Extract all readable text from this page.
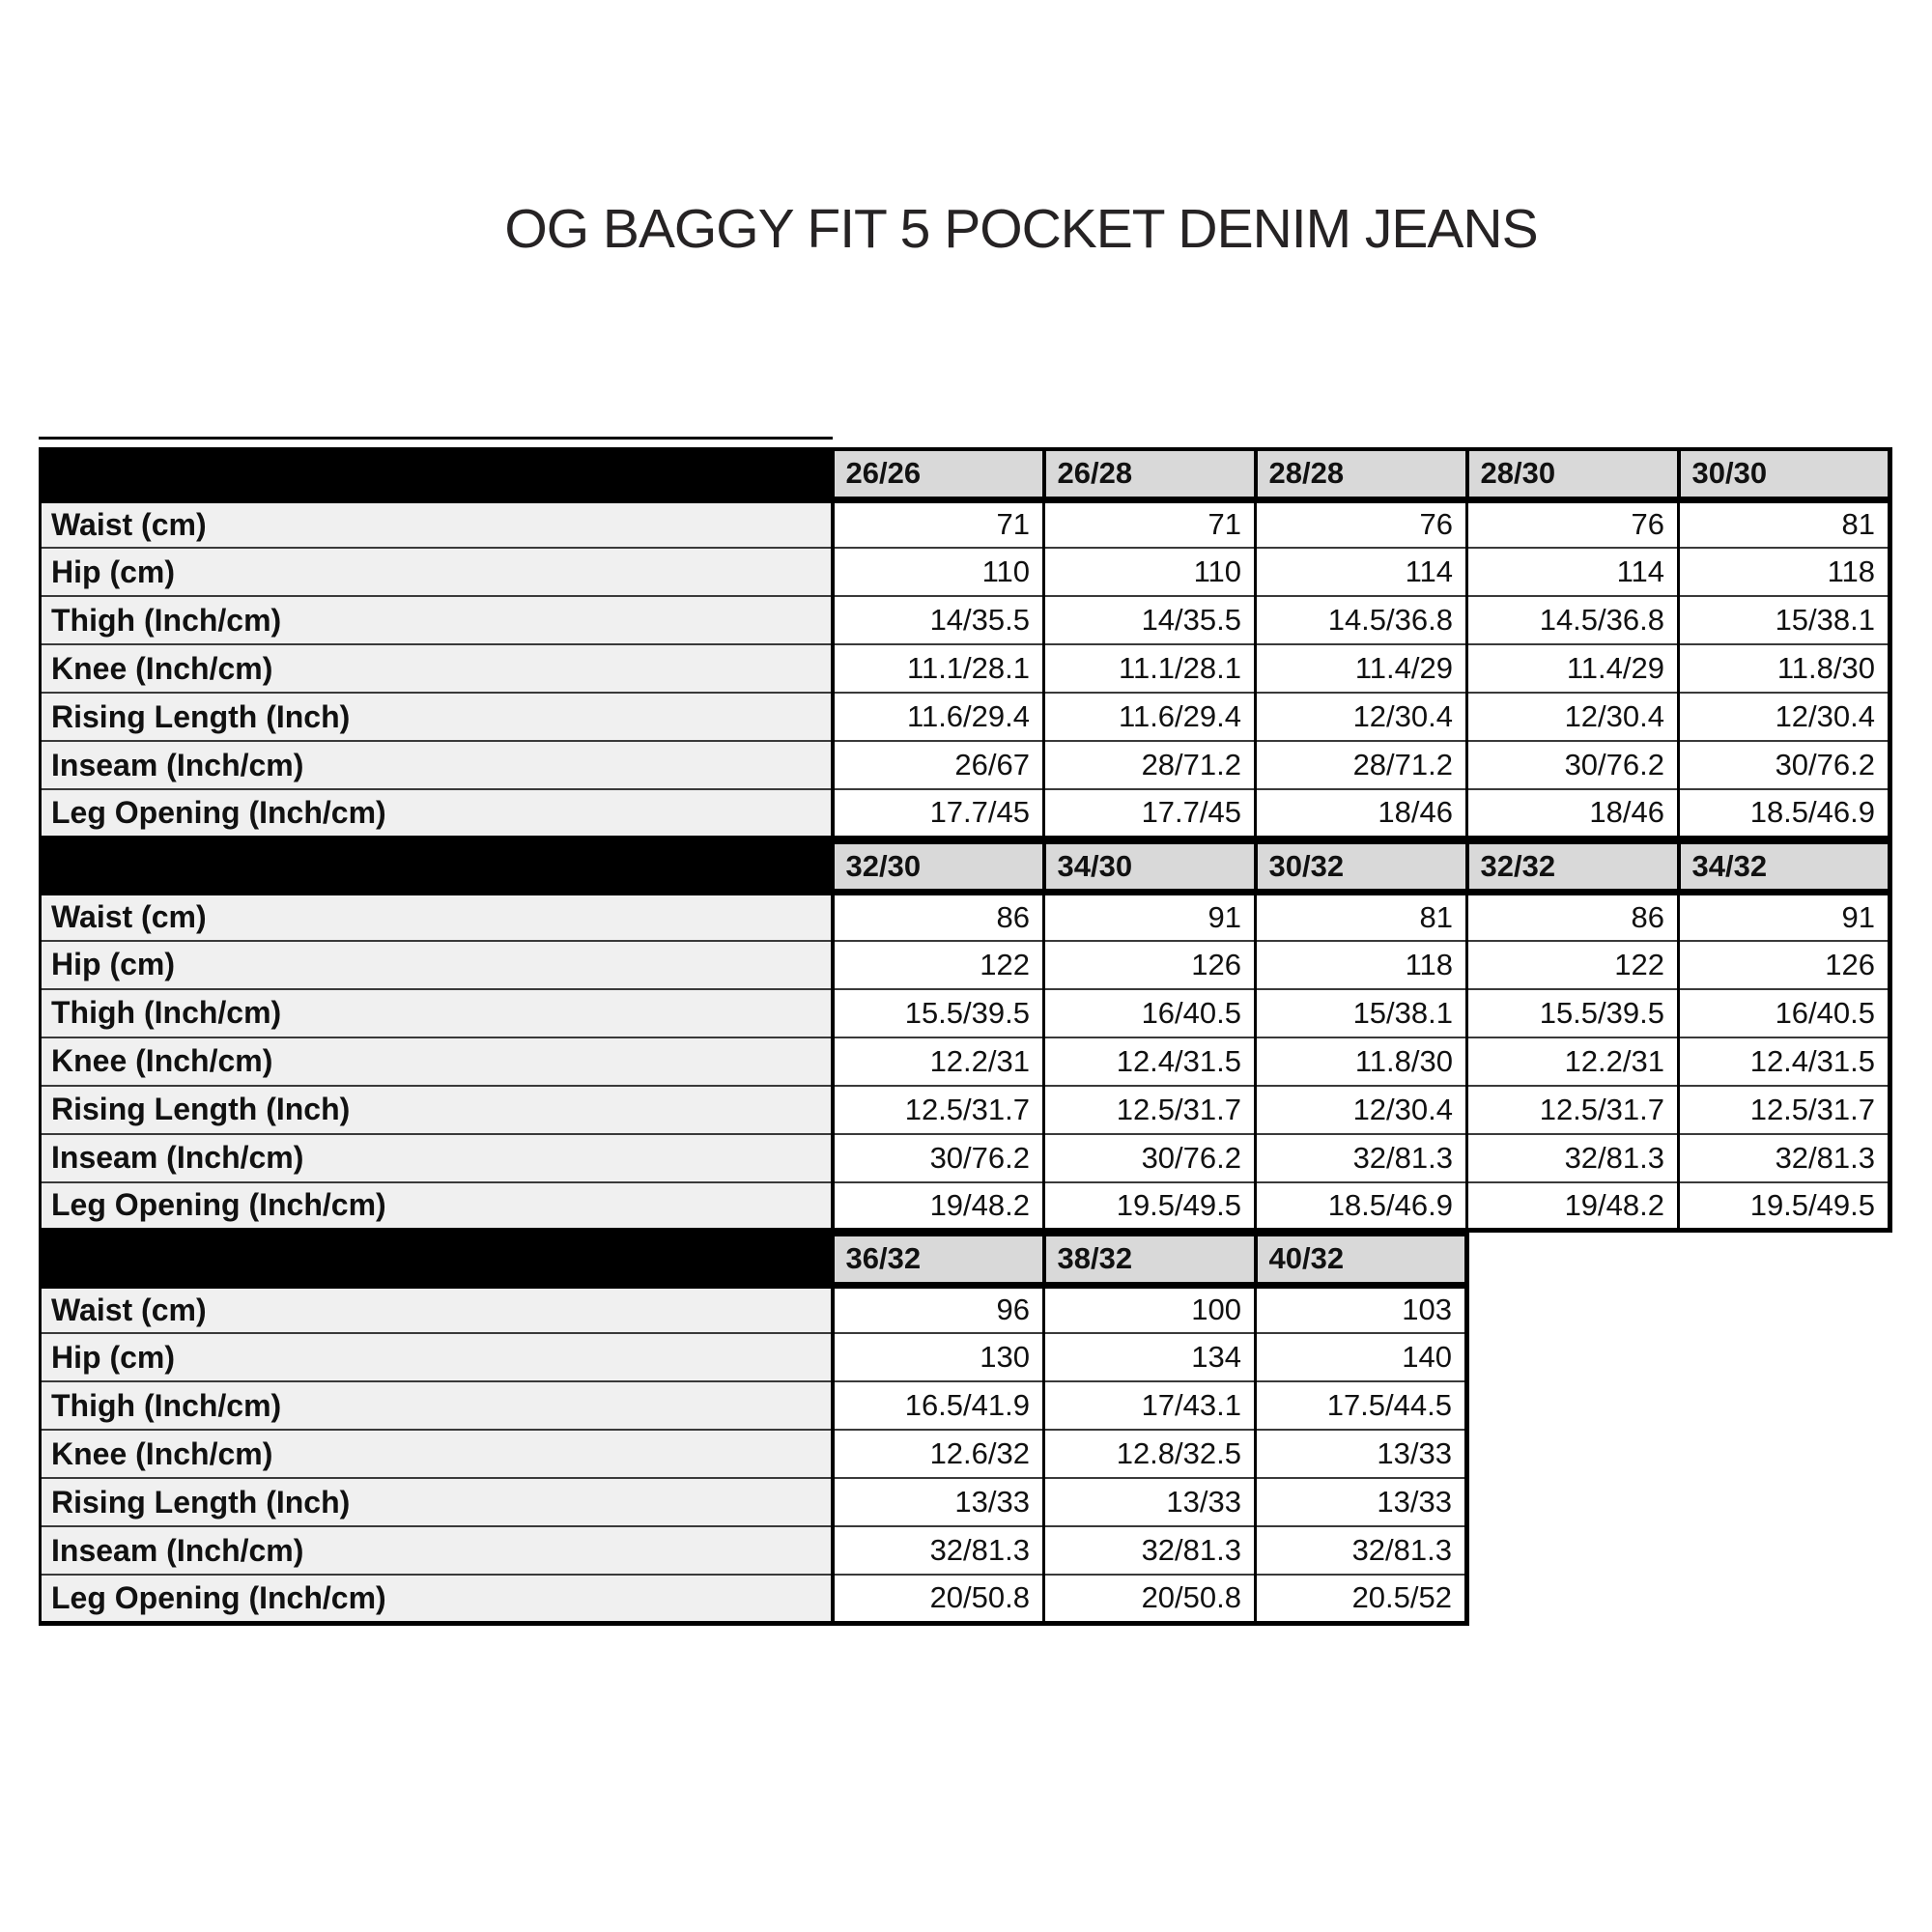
OG BAGGY FIT 5 POCKET DENIM JEANS
	26/26	26/28	28/28	28/30	30/30
Waist (cm)	71	71	76	76	81
Hip (cm)	110	110	114	114	118
Thigh (Inch/cm)	14/35.5	14/35.5	14.5/36.8	14.5/36.8	15/38.1
Knee (Inch/cm)	11.1/28.1	11.1/28.1	11.4/29	11.4/29	11.8/30
Rising Length (Inch)	11.6/29.4	11.6/29.4	12/30.4	12/30.4	12/30.4
Inseam (Inch/cm)	26/67	28/71.2	28/71.2	30/76.2	30/76.2
Leg Opening (Inch/cm)	17.7/45	17.7/45	18/46	18/46	18.5/46.9
	32/30	34/30	30/32	32/32	34/32
Waist (cm)	86	91	81	86	91
Hip (cm)	122	126	118	122	126
Thigh (Inch/cm)	15.5/39.5	16/40.5	15/38.1	15.5/39.5	16/40.5
Knee (Inch/cm)	12.2/31	12.4/31.5	11.8/30	12.2/31	12.4/31.5
Rising Length (Inch)	12.5/31.7	12.5/31.7	12/30.4	12.5/31.7	12.5/31.7
Inseam (Inch/cm)	30/76.2	30/76.2	32/81.3	32/81.3	32/81.3
Leg Opening (Inch/cm)	19/48.2	19.5/49.5	18.5/46.9	19/48.2	19.5/49.5
	36/32	38/32	40/32
Waist (cm)	96	100	103
Hip (cm)	130	134	140
Thigh (Inch/cm)	16.5/41.9	17/43.1	17.5/44.5
Knee (Inch/cm)	12.6/32	12.8/32.5	13/33
Rising Length (Inch)	13/33	13/33	13/33
Inseam (Inch/cm)	32/81.3	32/81.3	32/81.3
Leg Opening (Inch/cm)	20/50.8	20/50.8	20.5/52
